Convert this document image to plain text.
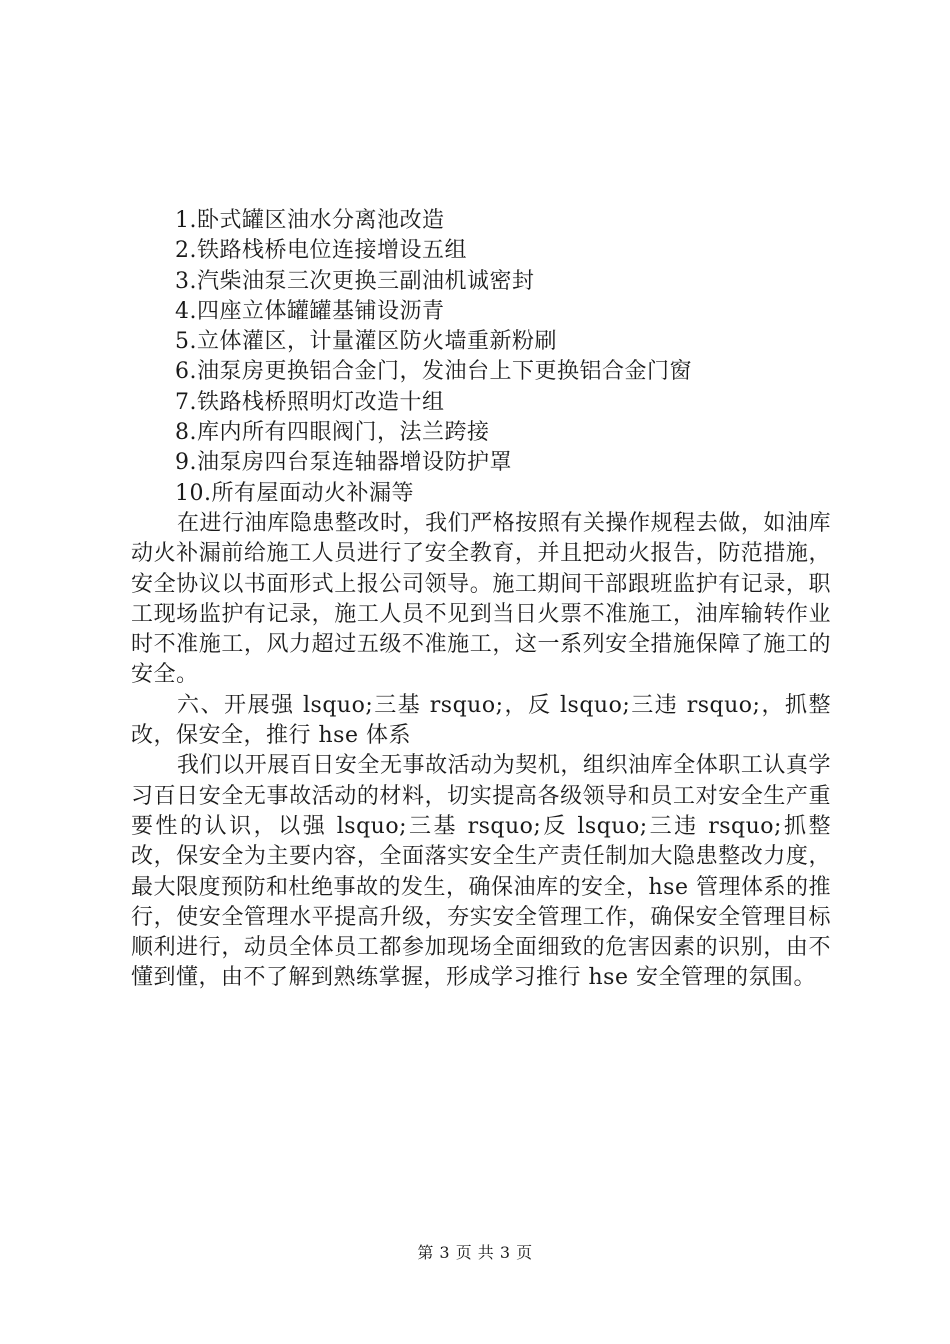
1.卧式罐区油水分离池改造
2.铁路栈桥电位连接增设五组
3.汽柴油泵三次更换三副油机诚密封
4.四座立体罐罐基铺设沥青
5.立体灌区，计量灌区防火墙重新粉刷
6.油泵房更换铝合金门，发油台上下更换铝合金门窗
7.铁路栈桥照明灯改造十组
8.库内所有四眼阀门，法兰跨接
9.油泵房四台泵连轴器增设防护罩
10.所有屋面动火补漏等

在进行油库隐患整改时，我们严格按照有关操作规程去做，如油库动火补漏前给施工人员进行了安全教育，并且把动火报告，防范措施，安全协议以书面形式上报公司领导。施工期间干部跟班监护有记录，职工现场监护有记录，施工人员不见到当日火票不准施工，油库输转作业时不准施工，风力超过五级不准施工，这一系列安全措施保障了施工的安全。

六、开展强 lsquo;三基 rsquo;，反 lsquo;三违 rsquo;，抓整改，保安全，推行 hse 体系

我们以开展百日安全无事故活动为契机，组织油库全体职工认真学习百日安全无事故活动的材料，切实提高各级领导和员工对安全生产重要性的认识，以强 lsquo;三基 rsquo;反 lsquo;三违 rsquo;抓整改，保安全为主要内容，全面落实安全生产责任制加大隐患整改力度，最大限度预防和杜绝事故的发生，确保油库的安全，hse 管理体系的推行，使安全管理水平提高升级，夯实安全管理工作，确保安全管理目标顺利进行，动员全体员工都参加现场全面细致的危害因素的识别，由不懂到懂，由不了解到熟练掌握，形成学习推行 hse 安全管理的氛围。

第 3 页 共 3 页
